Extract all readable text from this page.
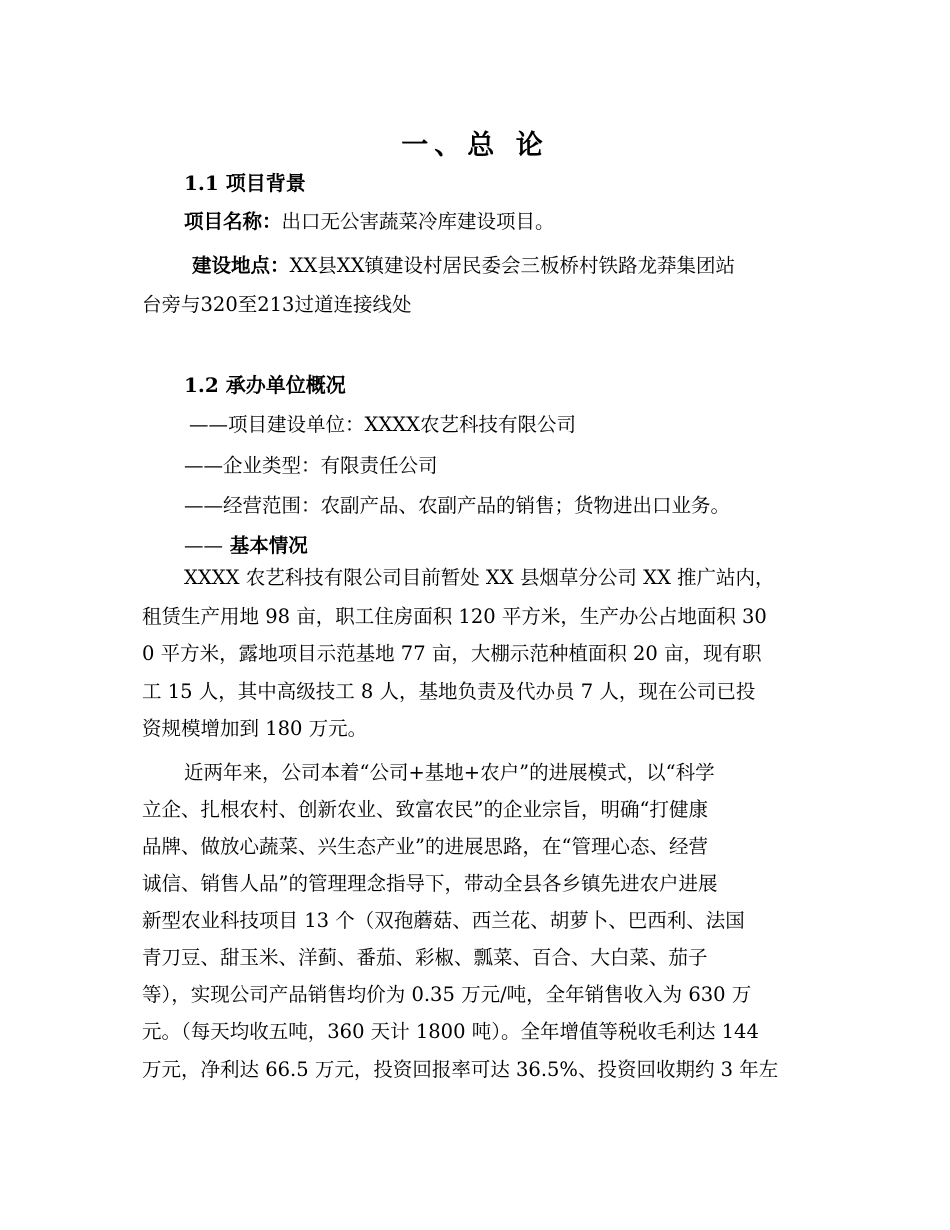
一、总 论
1.1 项目背景
项目名称：出口无公害蔬菜冷库建设项目。
建设地点：XX县XX镇建设村居民委会三板桥村铁路龙莽集团站
台旁与320至213过道连接线处
1.2 承办单位概况
——项目建设单位：XXXX农艺科技有限公司
——企业类型：有限责任公司
——经营范围：农副产品、农副产品的销售；货物进出口业务。
—— 基本情况
XXXX 农艺科技有限公司目前暂处 XX 县烟草分公司 XX 推广站内，
租赁生产用地 98 亩，职工住房面积 120 平方米，生产办公占地面积 30
0 平方米，露地项目示范基地 77 亩，大棚示范种植面积 20 亩，现有职
工 15 人，其中高级技工 8 人，基地负责及代办员 7 人，现在公司已投
资规模增加到 180 万元。
近两年来，公司本着“公司+基地+农户”的进展模式，以“科学
立企、扎根农村、创新农业、致富农民”的企业宗旨，明确“打健康
品牌、做放心蔬菜、兴生态产业”的进展思路，在“管理心态、经营
诚信、销售人品”的管理理念指导下，带动全县各乡镇先进农户进展
新型农业科技项目 13 个（双孢蘑菇、西兰花、胡萝卜、巴西利、法国
青刀豆、甜玉米、洋蓟、番茄、彩椒、瓢菜、百合、大白菜、茄子
等），实现公司产品销售均价为 0.35 万元/吨，全年销售收入为 630 万
元。（每天均收五吨，360 天计 1800 吨）。全年增值等税收毛利达 144
万元，净利达 66.5 万元，投资回报率可达 36.5%、投资回收期约 3 年左
